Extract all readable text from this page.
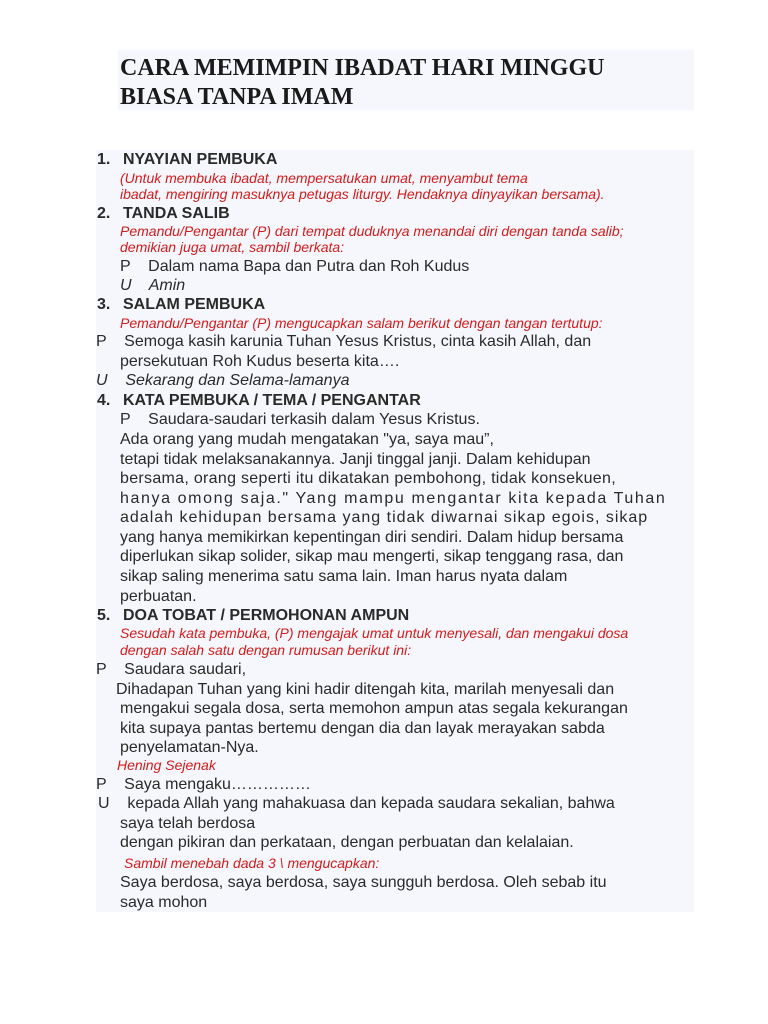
CARA MEMIMPIN IBADAT HARI MINGGU
BIASA TANPA IMAM
1. NYAYIAN PEMBUKA
(Untuk membuka ibadat, mempersatukan umat, menyambut tema
ibadat, mengiring masuknya petugas liturgy. Hendaknya dinyayikan bersama).
2. TANDA SALIB
Pemandu/Pengantar (P) dari tempat duduknya menandai diri dengan tanda salib;
demikian juga umat, sambil berkata:
P    Dalam nama Bapa dan Putra dan Roh Kudus
U    Amin
3. SALAM PEMBUKA
Pemandu/Pengantar (P) mengucapkan salam berikut dengan tangan tertutup:
P    Semoga kasih karunia Tuhan Yesus Kristus, cinta kasih Allah, dan
persekutuan Roh Kudus beserta kita….
U    Sekarang dan Selama-lamanya
4. KATA PEMBUKA / TEMA / PENGANTAR
P    Saudara-saudari terkasih dalam Yesus Kristus.
Ada orang yang mudah mengatakan "ya, saya mau”,
tetapi tidak melaksanakannya. Janji tinggal janji. Dalam kehidupan
bersama, orang seperti itu dikatakan pembohong, tidak konsekuen,
hanya omong saja." Yang mampu mengantar kita kepada Tuhan
adalah kehidupan bersama yang tidak diwarnai sikap egois, sikap
yang hanya memikirkan kepentingan diri sendiri. Dalam hidup bersama
diperlukan sikap solider, sikap mau mengerti, sikap tenggang rasa, dan
sikap saling menerima satu sama lain. Iman harus nyata dalam
perbuatan.
5. DOA TOBAT / PERMOHONAN AMPUN
Sesudah kata pembuka, (P) mengajak umat untuk menyesali, dan mengakui dosa
dengan salah satu dengan rumusan berikut ini:
P    Saudara saudari,
Dihadapan Tuhan yang kini hadir ditengah kita, marilah menyesali dan
mengakui segala dosa, serta memohon ampun atas segala kekurangan
kita supaya pantas bertemu dengan dia dan layak merayakan sabda
penyelamatan-Nya.
Hening Sejenak
P    Saya mengaku……………
U    kepada Allah yang mahakuasa dan kepada saudara sekalian, bahwa
saya telah berdosa
dengan pikiran dan perkataan, dengan perbuatan dan kelalaian.
Sambil menebah dada 3 \ mengucapkan:
Saya berdosa, saya berdosa, saya sungguh berdosa. Oleh sebab itu
saya mohon
